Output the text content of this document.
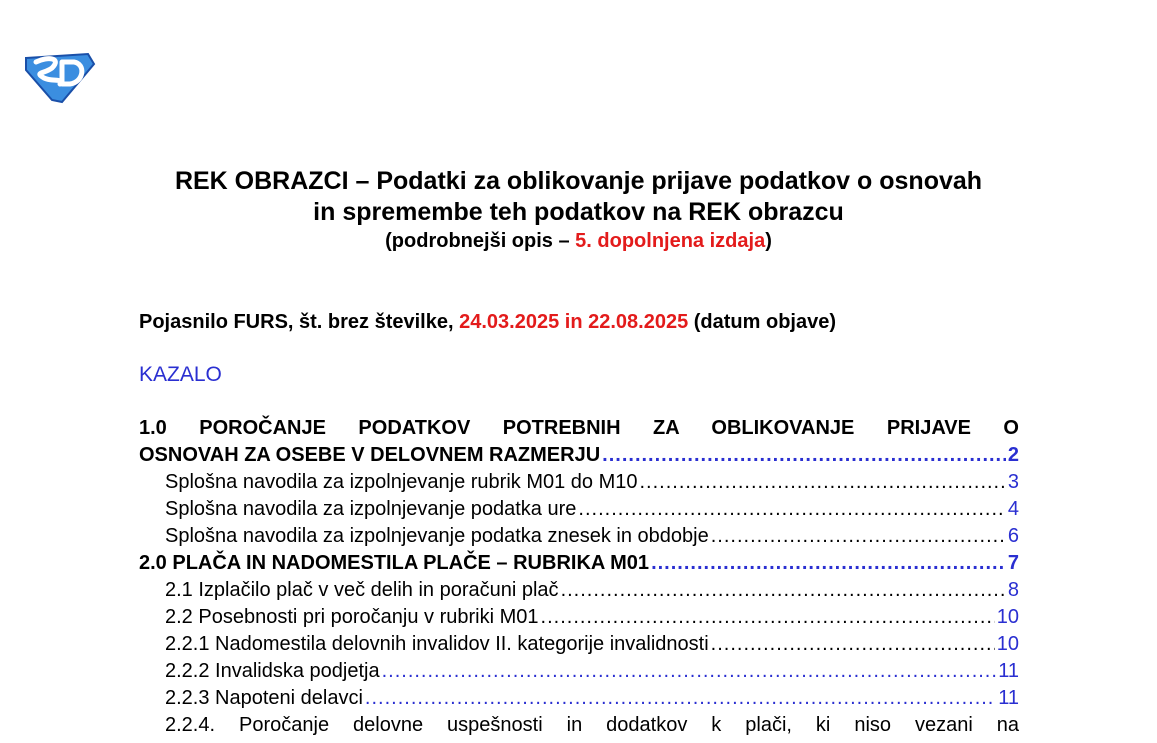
REK OBRAZCI – Podatki za oblikovanje prijave podatkov o osnovah
in spremembe teh podatkov na REK obrazcu
(podrobnejši opis – 5. dopolnjena izdaja)
Pojasnilo FURS, št. brez številke, 24.03.2025 in 22.08.2025 (datum objave)
KAZALO
1.0 POROČANJE PODATKOV POTREBNIH ZA OBLIKOVANJE PRIJAVE O
OSNOVAH ZA OSEBE V DELOVNEM RAZMERJU .....	2
Splošna navodila za izpolnjevanje rubrik M01 do M10 .....	3
Splošna navodila za izpolnjevanje podatka ure .....	4
Splošna navodila za izpolnjevanje podatka znesek in obdobje .....	6
2.0 PLAČA IN NADOMESTILA PLAČE – RUBRIKA M01 .....	7
2.1 Izplačilo plač v več delih in poračuni plač .....	8
2.2 Posebnosti pri poročanju v rubriki M01 .....	10
2.2.1 Nadomestila delovnih invalidov II. kategorije invalidnosti .....	10
2.2.2 Invalidska podjetja .....	11
2.2.3 Napoteni delavci .....	11
2.2.4. Poročanje delovne uspešnosti in dodatkov k plači, ki niso vezani na
